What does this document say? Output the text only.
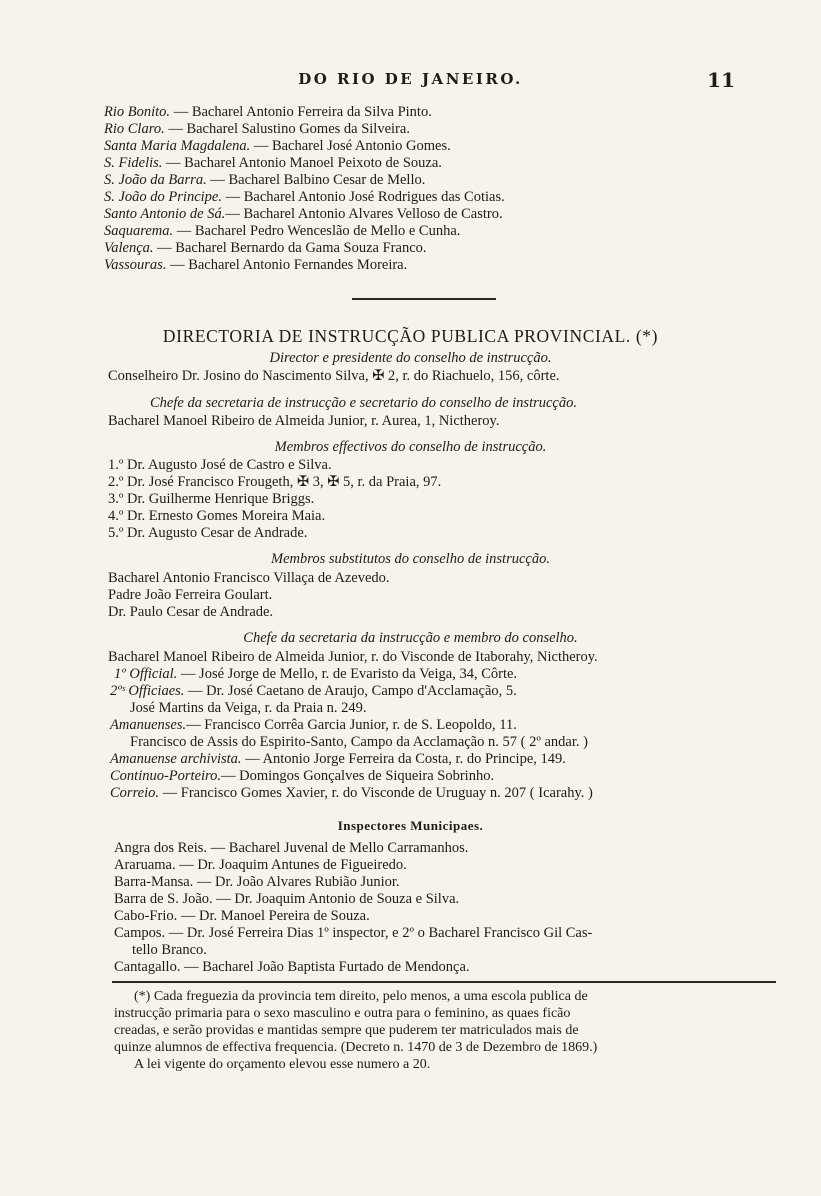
DO RIO DE JANEIRO.	11
Rio Bonito. — Bacharel Antonio Ferreira da Silva Pinto.
Rio Claro. — Bacharel Salustino Gomes da Silveira.
Santa Maria Magdalena. — Bacharel José Antonio Gomes.
S. Fidelis. — Bacharel Antonio Manoel Peixoto de Souza.
S. João da Barra. — Bacharel Balbino Cesar de Mello.
S. João do Principe. — Bacharel Antonio José Rodrigues das Cotias.
Santo Antonio de Sá.— Bacharel Antonio Alvares Velloso de Castro.
Saquarema. — Bacharel Pedro Wenceslão de Mello e Cunha.
Valença. — Bacharel Bernardo da Gama Souza Franco.
Vassouras. — Bacharel Antonio Fernandes Moreira.
DIRECTORIA DE INSTRUCÇÃO PUBLICA PROVINCIAL. (*)
Director e presidente do conselho de instrucção.
Conselheiro Dr. Josino do Nascimento Silva, ✠ 2, r. do Riachuelo, 156, côrte.
Chefe da secretaria de instrucção e secretario do conselho de instrucção.
Bacharel Manoel Ribeiro de Almeida Junior, r. Aurea, 1, Nictheroy.
Membros effectivos do conselho de instrucção.
1.º Dr. Augusto José de Castro e Silva.
2.º Dr. José Francisco Frougeth, ✠ 3, ✠ 5, r. da Praia, 97.
3.º Dr. Guilherme Henrique Briggs.
4.º Dr. Ernesto Gomes Moreira Maia.
5.º Dr. Augusto Cesar de Andrade.
Membros substitutos do conselho de instrucção.
Bacharel Antonio Francisco Villaça de Azevedo.
Padre João Ferreira Goulart.
Dr. Paulo Cesar de Andrade.
Chefe da secretaria da instrucção e membro do conselho.
Bacharel Manoel Ribeiro de Almeida Junior, r. do Visconde de Itaborahy, Nictheroy.
1º Official. — José Jorge de Mello, r. de Evaristo da Veiga, 34, Côrte.
2ºˢ Officiaes. — Dr. José Caetano de Araujo, Campo d'Acclamação, 5.
José Martins da Veiga, r. da Praia n. 249.
Amanuenses.— Francisco Corrêa Garcia Junior, r. de S. Leopoldo, 11.
Francisco de Assis do Espirito-Santo, Campo da Acclamação n. 57 ( 2º andar. )
Amanuense archivista. — Antonio Jorge Ferreira da Costa, r. do Principe, 149.
Continuo-Porteiro.— Domingos Gonçalves de Siqueira Sobrinho.
Correio. — Francisco Gomes Xavier, r. do Visconde de Uruguay n. 207 ( Icarahy. )
Inspectores Municipaes.
Angra dos Reis. — Bacharel Juvenal de Mello Carramanhos.
Araruama. — Dr. Joaquim Antunes de Figueiredo.
Barra-Mansa. — Dr. João Alvares Rubião Junior.
Barra de S. João. — Dr. Joaquim Antonio de Souza e Silva.
Cabo-Frio. — Dr. Manoel Pereira de Souza.
Campos. — Dr. José Ferreira Dias 1º inspector, e 2º o Bacharel Francisco Gil Cas-
tello Branco.
Cantagallo. — Bacharel João Baptista Furtado de Mendonça.
(*) Cada freguezia da provincia tem direito, pelo menos, a uma escola publica de
instrucção primaria para o sexo masculino e outra para o feminino, as quaes ficão
creadas, e serão providas e mantidas sempre que puderem ter matriculados mais de
quinze alumnos de effectiva frequencia. (Decreto n. 1470 de 3 de Dezembro de 1869.)
A lei vigente do orçamento elevou esse numero a 20.
